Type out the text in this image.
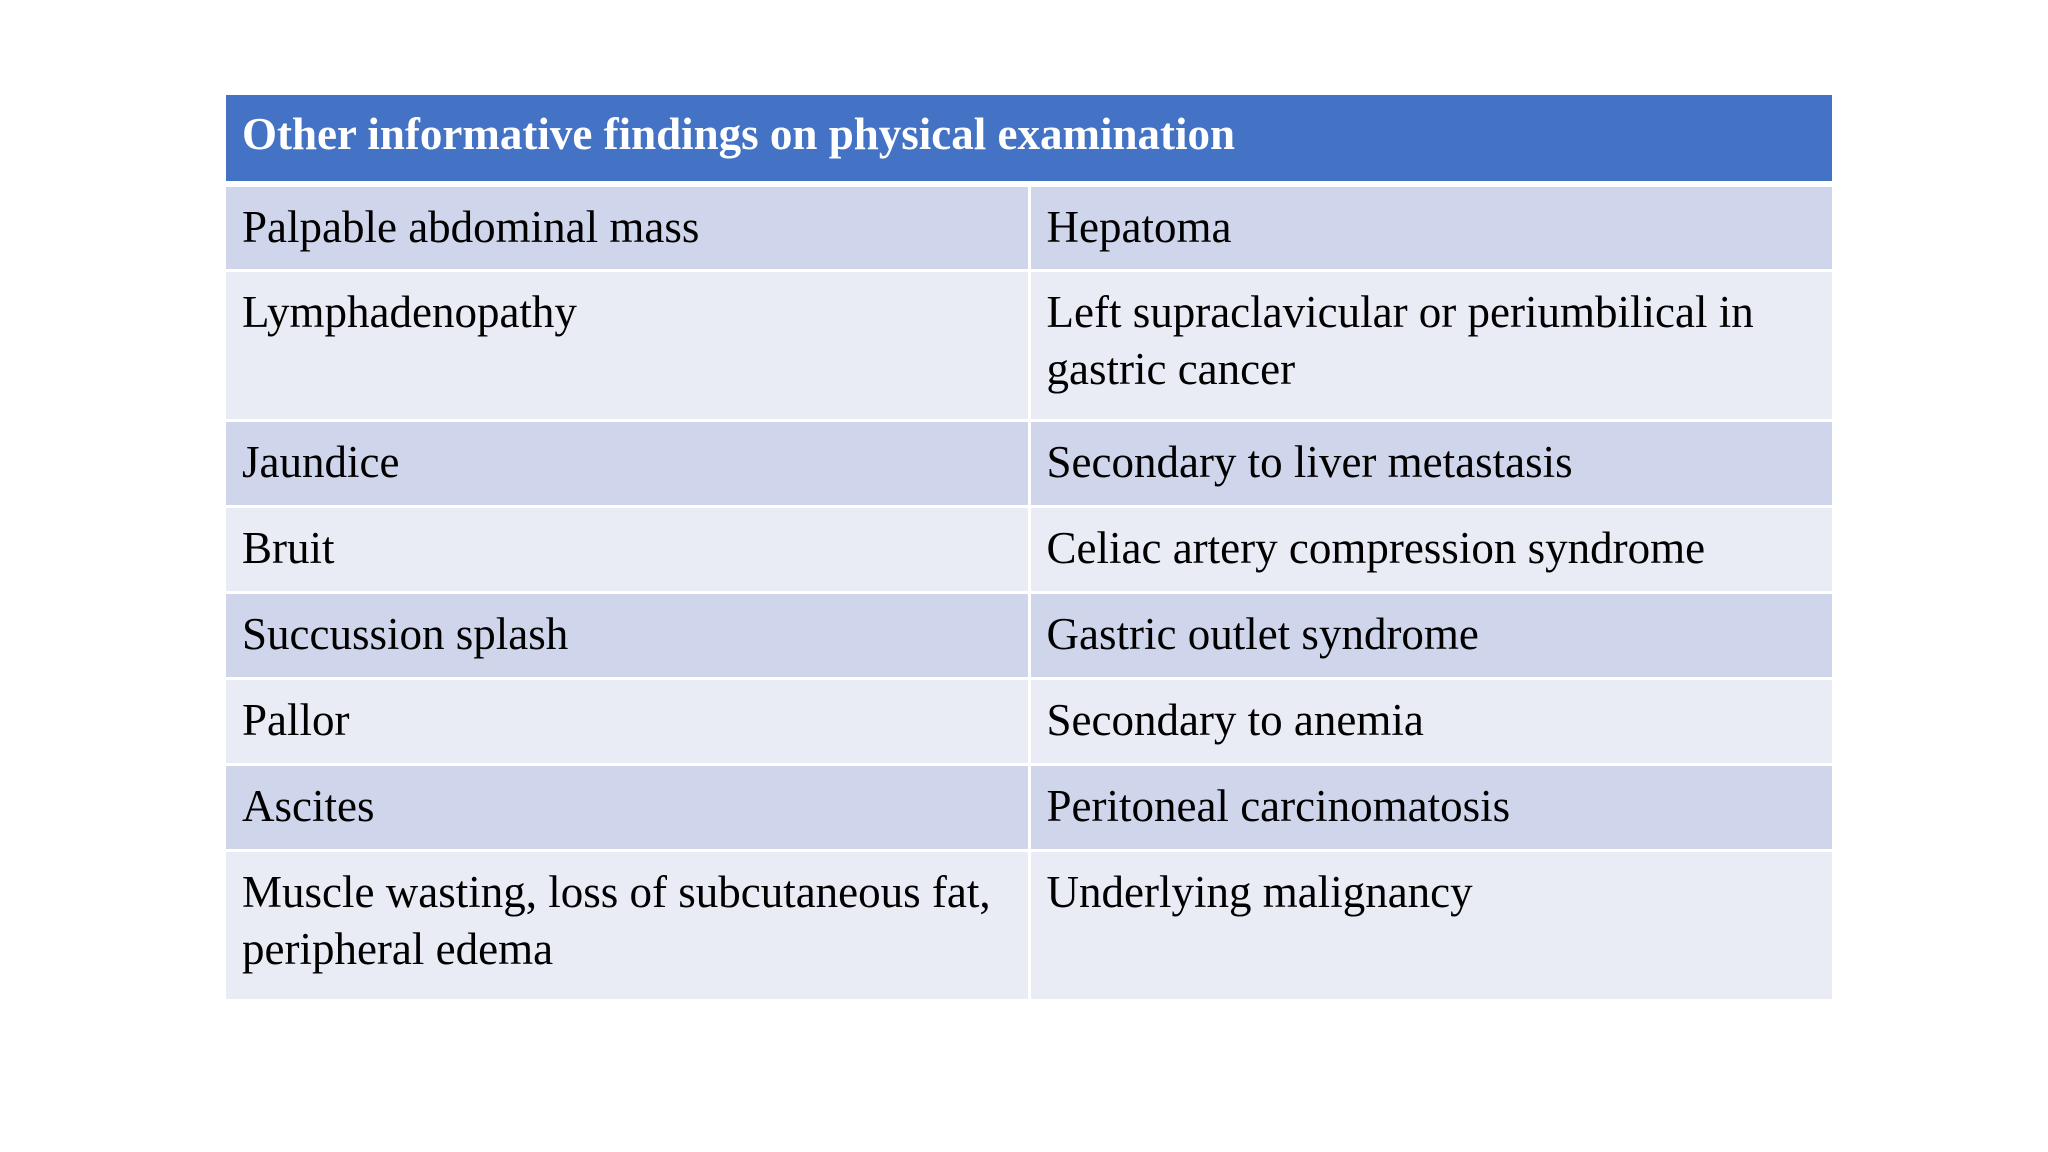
Other informative findings on physical examination	
Palpable abdominal mass	Hepatoma
Lymphadenopathy	Left supraclavicular or periumbilical in gastric cancer
Jaundice	Secondary to liver metastasis
Bruit	Celiac artery compression syndrome
Succussion splash	Gastric outlet syndrome
Pallor	Secondary to anemia
Ascites	Peritoneal carcinomatosis
Muscle wasting, loss of subcutaneous fat, peripheral edema	Underlying malignancy
